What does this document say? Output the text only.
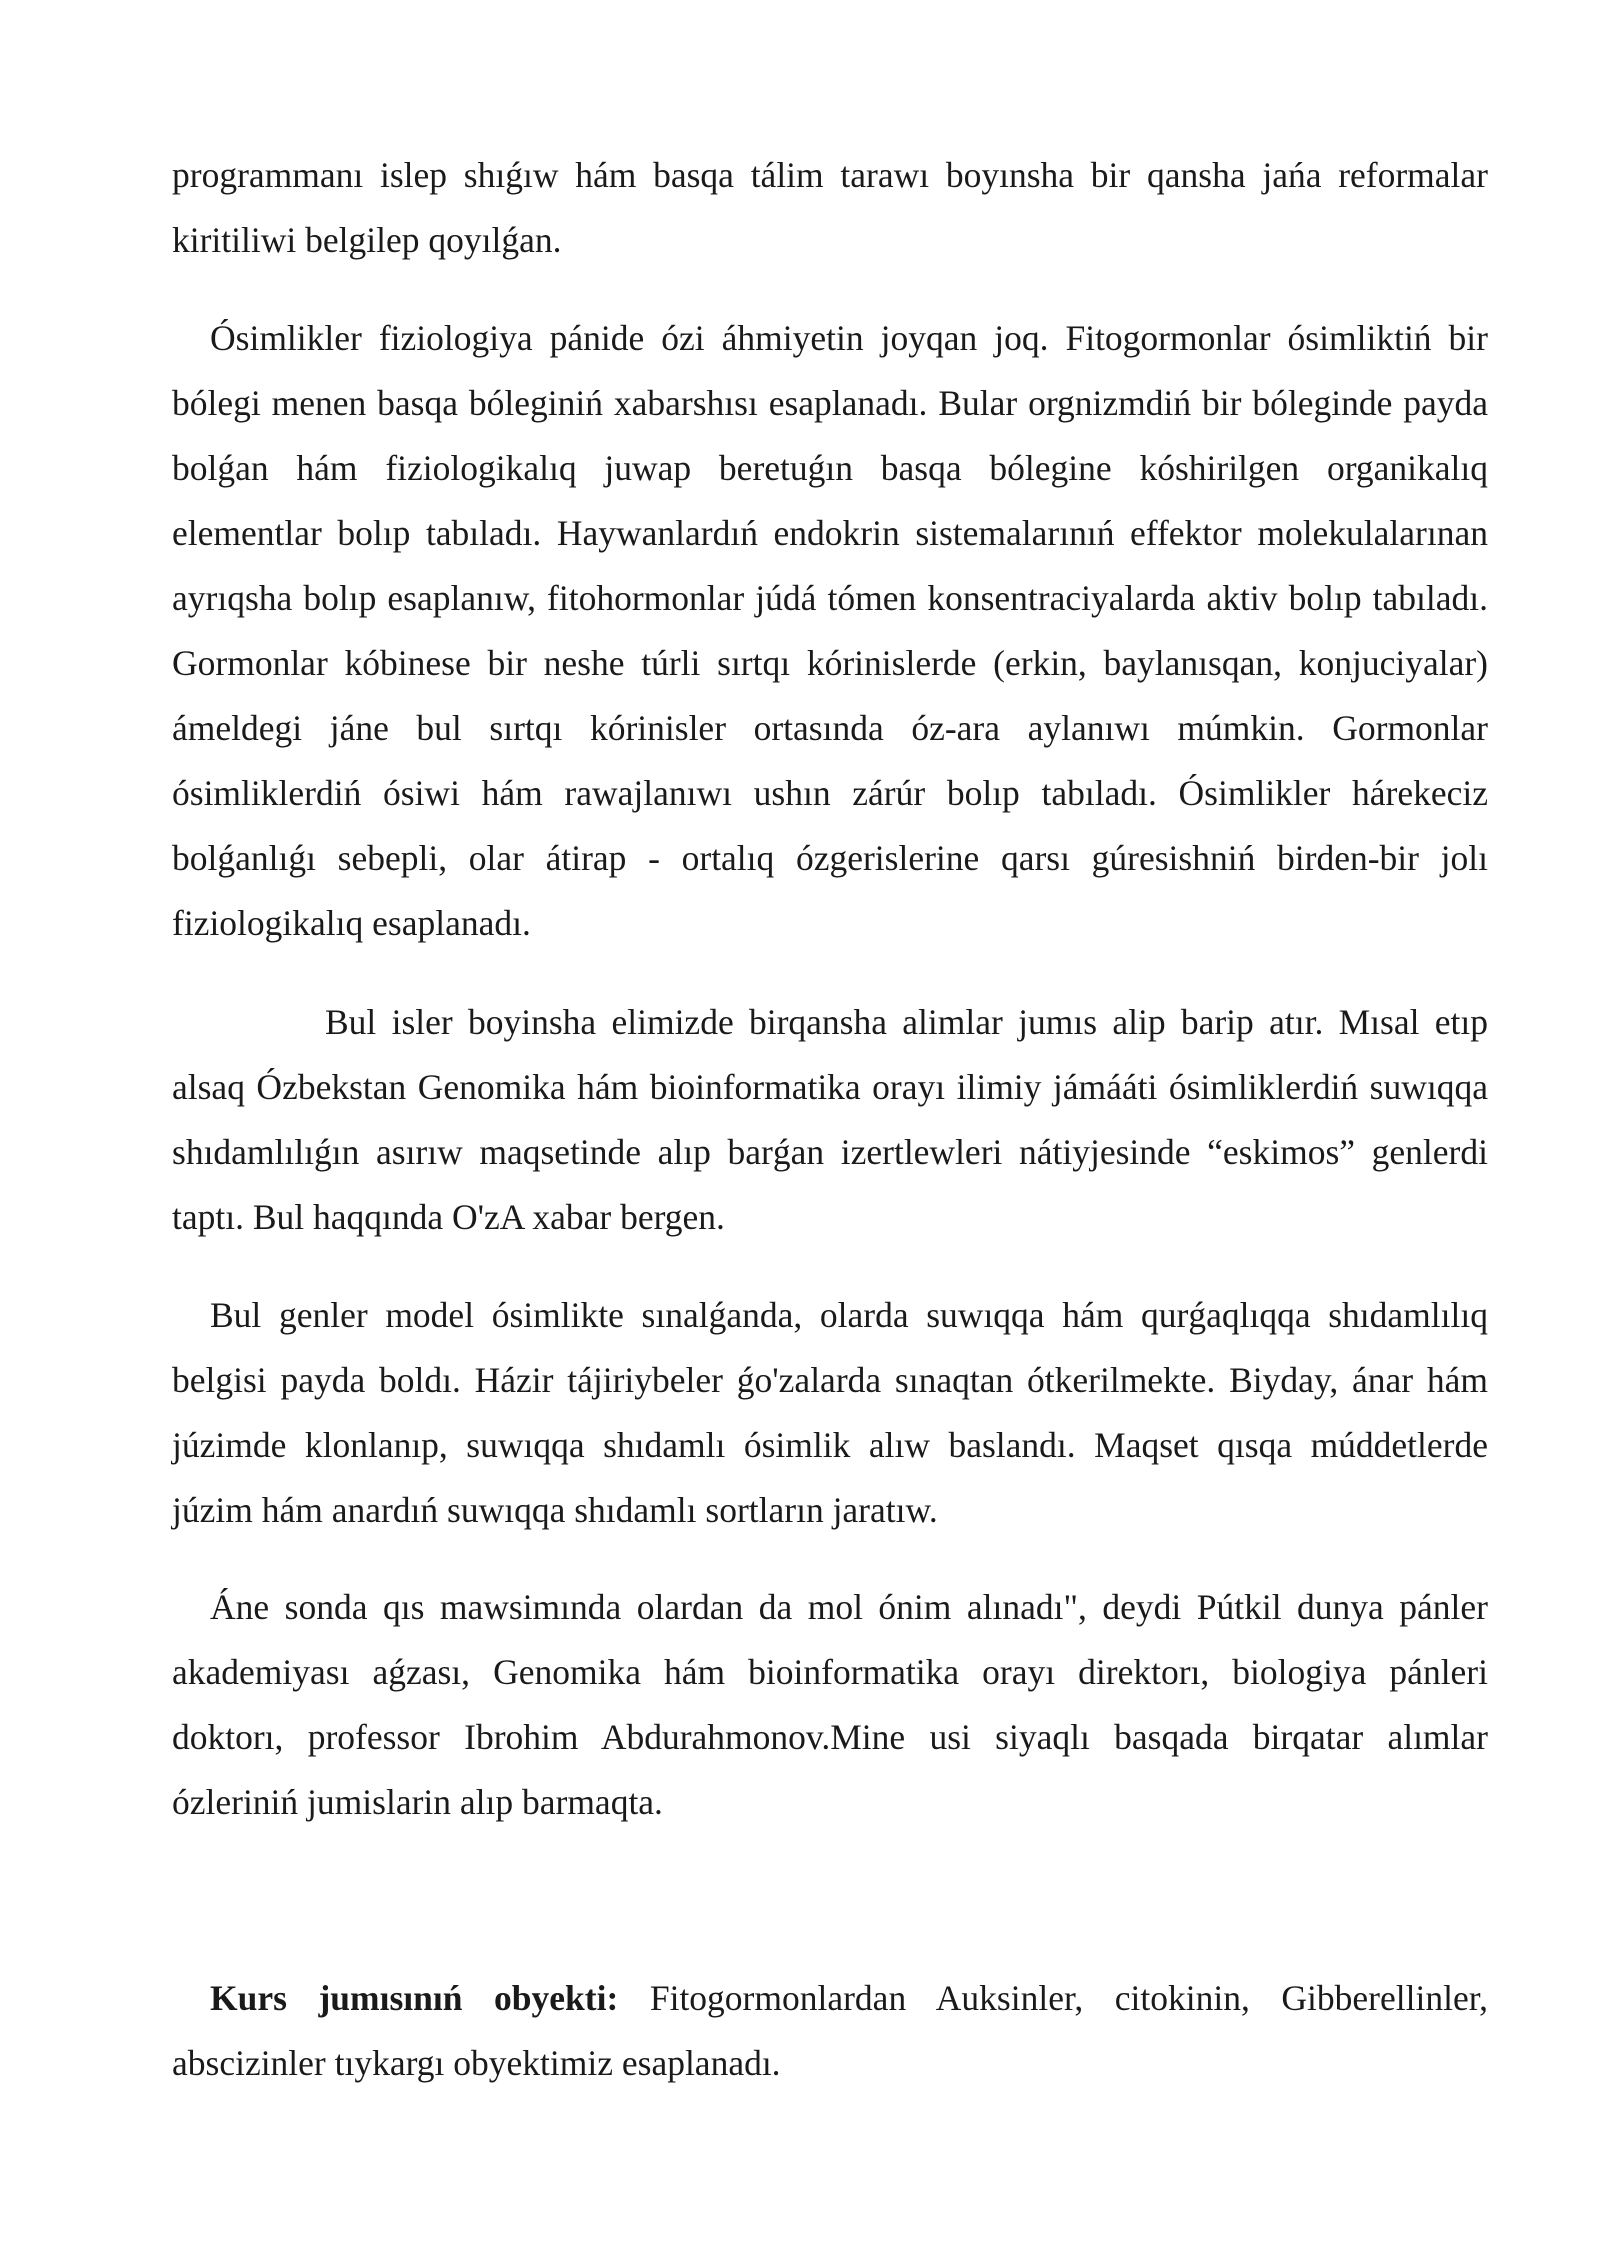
programmanı islep shıǵıw hám basqa tálim tarawı boyınsha bir qansha jańa reformalar kiritiliwi belgilep qoyılǵan.

Ósimlikler fiziologiya pánide ózi áhmiyetin joyqan joq. Fitogormonlar ósimliktiń bir bólegi menen basqa bóleginiń xabarshısı esaplanadı. Bular orgnizmdiń bir bóleginde payda bolǵan hám fiziologikalıq juwap beretuǵın basqa bólegine kóshirilgen organikalıq elementlar bolıp tabıladı. Haywanlardıń endokrin sistemalarınıń effektor molekulalarınan ayrıqsha bolıp esaplanıw, fitohormonlar júdá tómen konsentraciyalarda aktiv bolıp tabıladı. Gormonlar kóbinese bir neshe túrli sırtqı kórinislerde (erkin, baylanısqan, konjuciyalar) ámeldegi jáne bul sırtqı kórinisler ortasında óz-ara aylanıwı múmkin. Gormonlar ósimliklerdiń ósiwi hám rawajlanıwı ushın zárúr bolıp tabıladı. Ósimlikler hárekeciz bolǵanlıǵı sebepli, olar átirap - ortalıq ózgerislerine qarsı gúresishniń birden-bir jolı fiziologikalıq esaplanadı.

Bul isler boyinsha elimizde birqansha alimlar jumıs alip barip atır. Mısal etıp alsaq Ózbekstan Genomika hám bioinformatika orayı ilimiy jámááti ósimliklerdiń suwıqqa shıdamlılıǵın asırıw maqsetinde alıp barǵan izertlewleri nátiyjesinde “eskimos” genlerdi taptı. Bul haqqında O'zA xabar bergen.

Bul genler model ósimlikte sınalǵanda, olarda suwıqqa hám qurǵaqlıqqa shıdamlılıq belgisi payda boldı. Házir tájiriybeler ǵo'zalarda sınaqtan ótkerilmekte. Biyday, ánar hám júzimde klonlanıp, suwıqqa shıdamlı ósimlik alıw baslandı. Maqset qısqa múddetlerde júzim hám anardıń suwıqqa shıdamlı sortların jaratıw.

Áne sonda qıs mawsimında olardan da mol ónim alınadı", deydi Pútkil dunya pánler akademiyası aǵzası, Genomika hám bioinformatika orayı direktorı, biologiya pánleri doktorı, professor Ibrohim Abdurahmonov.Mine usi siyaqlı basqada birqatar alımlar ózleriniń jumislarin alıp barmaqta.

Kurs jumısınıń obyekti: Fitogormonlardan Auksinler, citokinin, Gibberellinler, abscizinler tıykargı obyektimiz esaplanadı.
